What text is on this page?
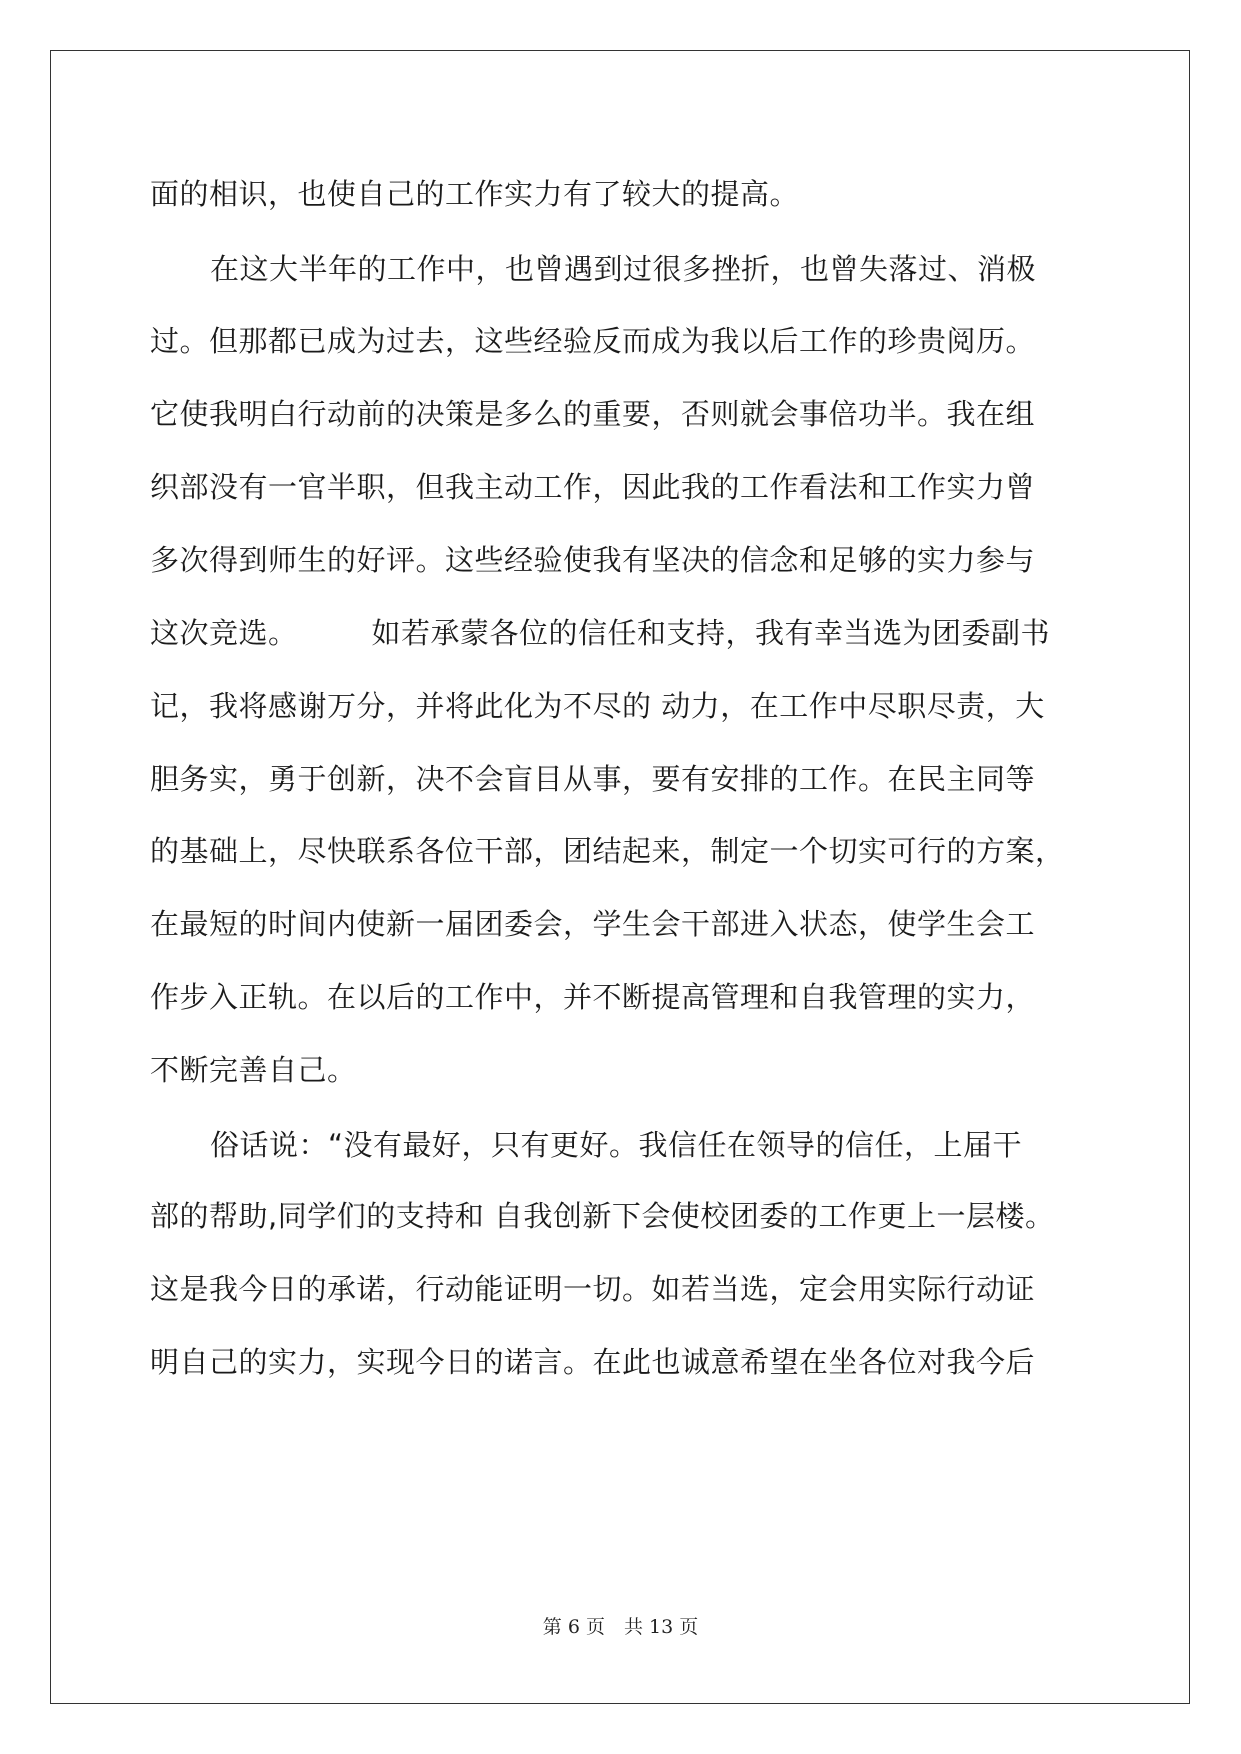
面的相识，也使自己的工作实力有了较大的提高。
在这大半年的工作中，也曾遇到过很多挫折，也曾失落过、消极
过。但那都已成为过去，这些经验反而成为我以后工作的珍贵阅历。
它使我明白行动前的决策是多么的重要，否则就会事倍功半。我在组
织部没有一官半职，但我主动工作，因此我的工作看法和工作实力曾
多次得到师生的好评。这些经验使我有坚决的信念和足够的实力参与
这次竞选。　　　如若承蒙各位的信任和支持，我有幸当选为团委副书
记，我将感谢万分，并将此化为不尽的 动力，在工作中尽职尽责，大
胆务实，勇于创新，决不会盲目从事，要有安排的工作。在民主同等
的基础上，尽快联系各位干部，团结起来，制定一个切实可行的方案，
在最短的时间内使新一届团委会，学生会干部进入状态，使学生会工
作步入正轨。在以后的工作中，并不断提高管理和自我管理的实力，
不断完善自己。
俗话说：“没有最好，只有更好。我信任在领导的信任，上届干
部的帮助,同学们的支持和 自我创新下会使校团委的工作更上一层楼。
这是我今日的承诺，行动能证明一切。如若当选，定会用实际行动证
明自己的实力，实现今日的诺言。在此也诚意希望在坐各位对我今后
第 6 页　共 13 页
